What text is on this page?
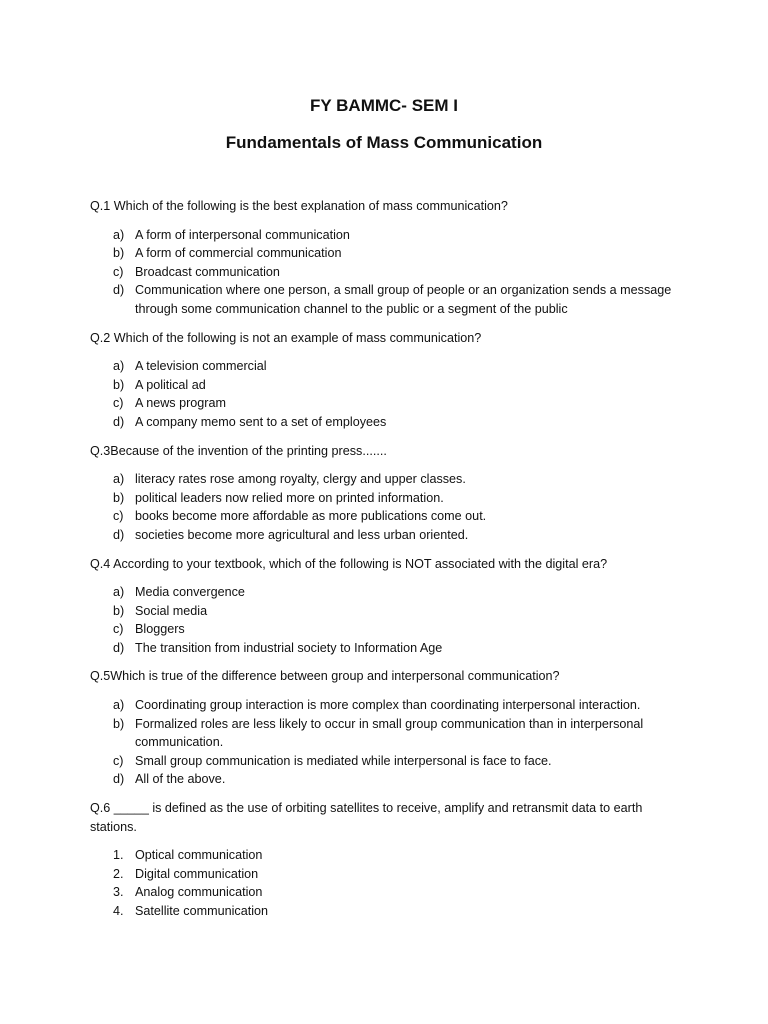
FY BAMMC- SEM I
Fundamentals of Mass Communication

Q.1 Which of the following is the best explanation of mass communication?

a) A form of interpersonal communication
b) A form of commercial communication
c) Broadcast communication
d) Communication where one person, a small group of people or an organization sends a message through some communication channel to the public or a segment of the public

Q.2 Which of the following is not an example of mass communication?

a) A television commercial
b) A political ad
c) A news program
d) A company memo sent to a set of employees

Q.3Because of the invention of the printing press.......

a) literacy rates rose among royalty, clergy and upper classes.
b) political leaders now relied more on printed information.
c) books become more affordable as more publications come out.
d) societies become more agricultural and less urban oriented.

Q.4 According to your textbook, which of the following is NOT associated with the digital era?

a) Media convergence
b) Social media
c) Bloggers
d) The transition from industrial society to Information Age

Q.5Which is true of the difference between group and interpersonal communication?

a) Coordinating group interaction is more complex than coordinating interpersonal interaction.
b) Formalized roles are less likely to occur in small group communication than in interpersonal communication.
c) Small group communication is mediated while interpersonal is face to face.
d) All of the above.

Q.6 _____ is defined as the use of orbiting satellites to receive, amplify and retransmit data to earth stations.

1. Optical communication
2. Digital communication
3. Analog communication
4. Satellite communication
